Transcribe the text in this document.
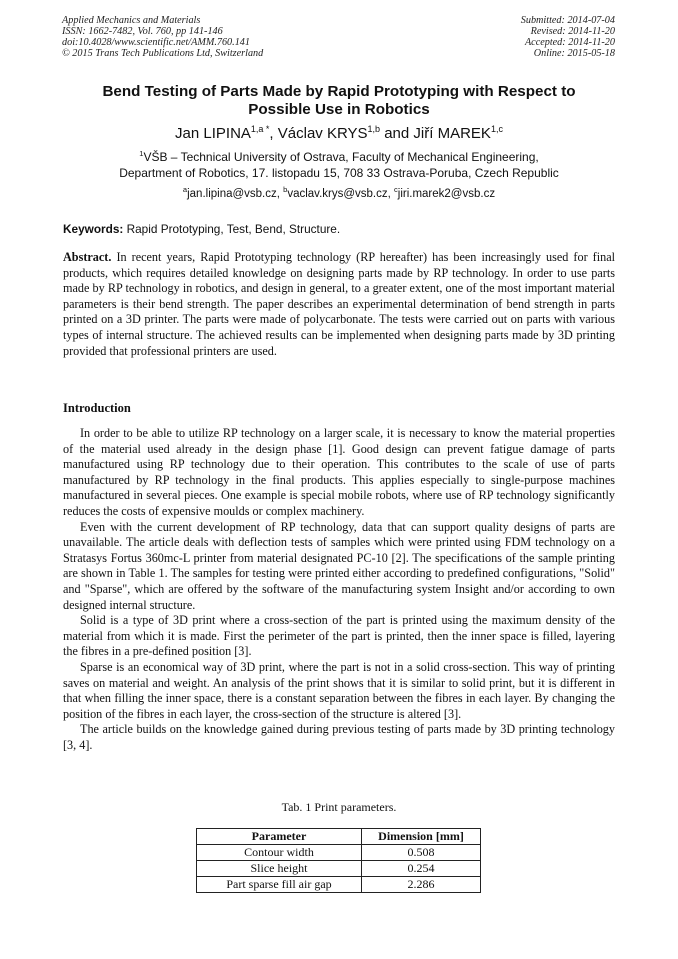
Applied Mechanics and Materials
ISSN: 1662-7482, Vol. 760, pp 141-146
doi:10.4028/www.scientific.net/AMM.760.141
© 2015 Trans Tech Publications Ltd, Switzerland
Submitted: 2014-07-04
Revised: 2014-11-20
Accepted: 2014-11-20
Online: 2015-05-18
Bend Testing of Parts Made by Rapid Prototyping with Respect to
Possible Use in Robotics
Jan $LIPINA^{1,a *}$, Václav KRYS$^{1,b}$ and Jiří MAREK$^{1,c}$
$^1$VŠB – Technical University of Ostrava, Faculty of Mechanical Engineering,
Department of Robotics, 17. listopadu 15, 708 33 Ostrava-Poruba, Czech Republic
$^a$jan.lipina@vsb.cz, $^b$vaclav.krys@vsb.cz, $^c$jiri.marek2@vsb.cz
Keywords: Rapid Prototyping, Test, Bend, Structure.
Abstract. In recent years, Rapid Prototyping technology (RP hereafter) has been increasingly used for final products, which requires detailed knowledge on designing parts made by RP technology. In order to use parts made by RP technology in robotics, and design in general, to a greater extent, one of the most important material parameters is their bend strength. The paper describes an experimental determination of bend strength in parts printed on a 3D printer. The parts were made of polycarbonate. The tests were carried out on parts with various types of internal structure. The achieved results can be implemented when designing parts made by 3D printing provided that professional printers are used.
Introduction

In order to be able to utilize RP technology on a larger scale, it is necessary to know the material properties of the material used already in the design phase [1]. Good design can prevent fatigue damage of parts manufactured using RP technology due to their operation. This contributes to the scale of use of parts manufactured by RP technology in the final products. This applies especially to single-purpose machines manufactured in several pieces. One example is special mobile robots, where use of RP technology significantly reduces the costs of expensive moulds or complex machinery.

Even with the current development of RP technology, data that can support quality designs of parts are unavailable. The article deals with deflection tests of samples which were printed using FDM technology on a Stratasys Fortus 360mc-L printer from material designated PC-10 [2]. The specifications of the sample printing are shown in Table 1. The samples for testing were printed either according to predefined configurations, "Solid" and "Sparse", which are offered by the software of the manufacturing system Insight and/or according to own designed internal structure.

Solid is a type of 3D print where a cross-section of the part is printed using the maximum density of the material from which it is made. First the perimeter of the part is printed, then the inner space is filled, layering the fibres in a pre-defined position [3].

Sparse is an economical way of 3D print, where the part is not in a solid cross-section. This way of printing saves on material and weight. An analysis of the print shows that it is similar to solid print, but it is different in that when filling the inner space, there is a constant separation between the fibres in each layer. By changing the position of the fibres in each layer, the cross-section of the structure is altered [3].

The article builds on the knowledge gained during previous testing of parts made by 3D printing technology [3, 4].

Tab. 1 Print parameters.
Parameter	Dimension [mm]
Contour width	0.508
Slice height	0.254
Part sparse fill air gap	2.286
